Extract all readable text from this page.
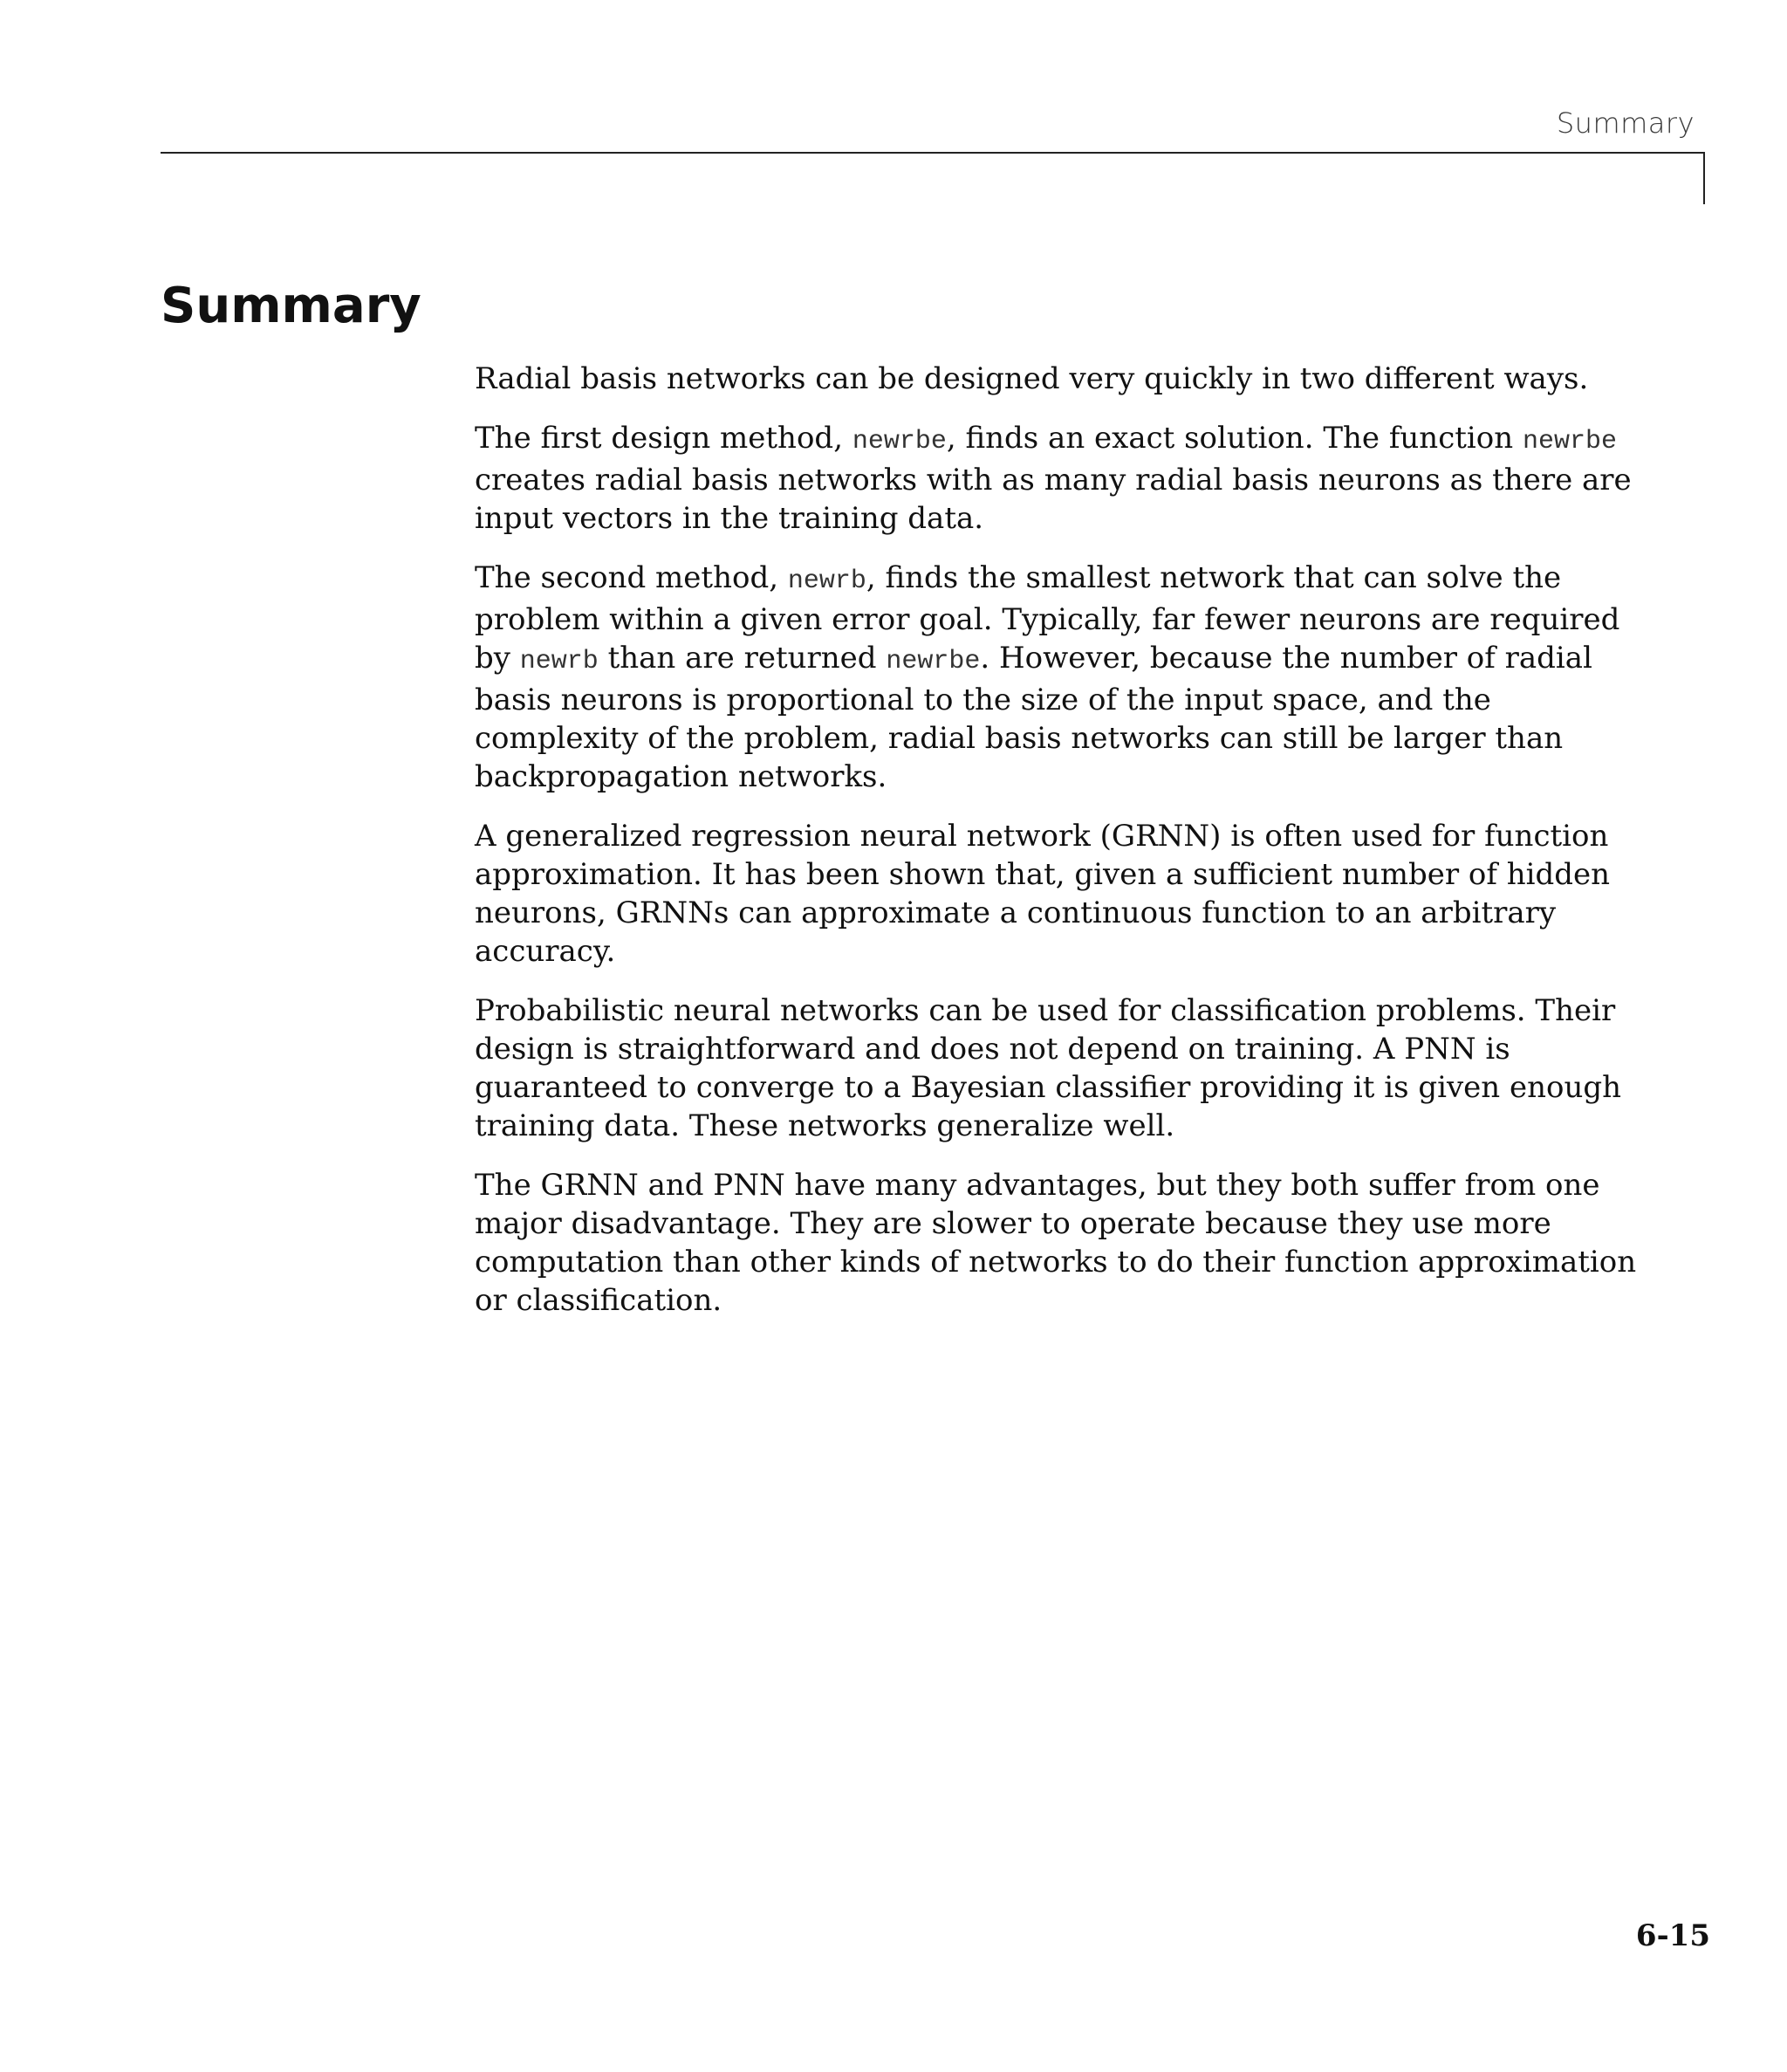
Summary
Summary

Radial basis networks can be designed very quickly in two different ways.

The first design method, newrbe, finds an exact solution. The function newrbe creates radial basis networks with as many radial basis neurons as there are input vectors in the training data.

The second method, newrb, finds the smallest network that can solve the problem within a given error goal. Typically, far fewer neurons are required by newrb than are returned newrbe. However, because the number of radial basis neurons is proportional to the size of the input space, and the complexity of the problem, radial basis networks can still be larger than backpropagation networks.

A generalized regression neural network (GRNN) is often used for function approximation. It has been shown that, given a sufficient number of hidden neurons, GRNNs can approximate a continuous function to an arbitrary accuracy.

Probabilistic neural networks can be used for classification problems. Their design is straightforward and does not depend on training. A PNN is guaranteed to converge to a Bayesian classifier providing it is given enough training data. These networks generalize well.

The GRNN and PNN have many advantages, but they both suffer from one major disadvantage. They are slower to operate because they use more computation than other kinds of networks to do their function approximation or classification.

6-15
